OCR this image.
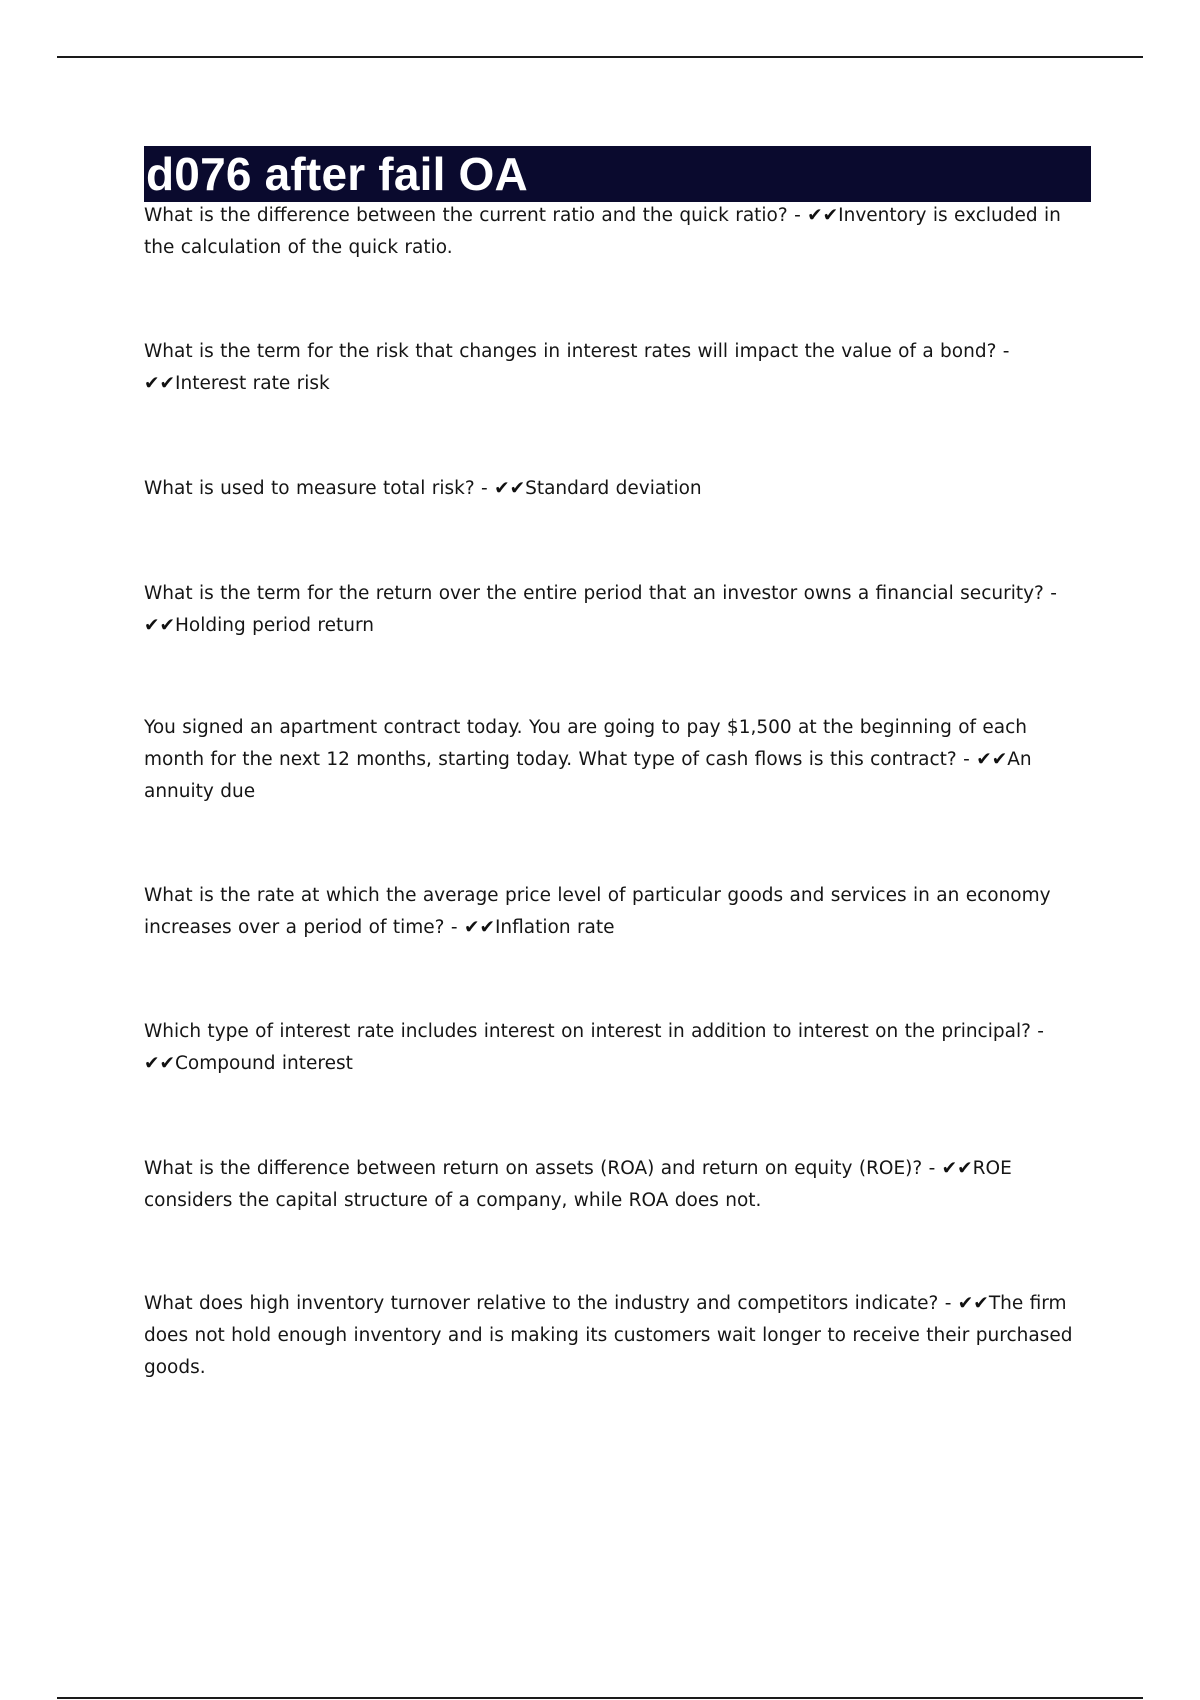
d076 after fail OA
What is the difference between the current ratio and the quick ratio? - ✔✔Inventory is excluded in the calculation of the quick ratio.
What is the term for the risk that changes in interest rates will impact the value of a bond? - ✔✔Interest rate risk
What is used to measure total risk? - ✔✔Standard deviation
What is the term for the return over the entire period that an investor owns a financial security? - ✔✔Holding period return
You signed an apartment contract today. You are going to pay $1,500 at the beginning of each month for the next 12 months, starting today. What type of cash flows is this contract? - ✔✔An annuity due
What is the rate at which the average price level of particular goods and services in an economy increases over a period of time? - ✔✔Inflation rate
Which type of interest rate includes interest on interest in addition to interest on the principal? - ✔✔Compound interest
What is the difference between return on assets (ROA) and return on equity (ROE)? - ✔✔ROE considers the capital structure of a company, while ROA does not.
What does high inventory turnover relative to the industry and competitors indicate? - ✔✔The firm does not hold enough inventory and is making its customers wait longer to receive their purchased goods.
